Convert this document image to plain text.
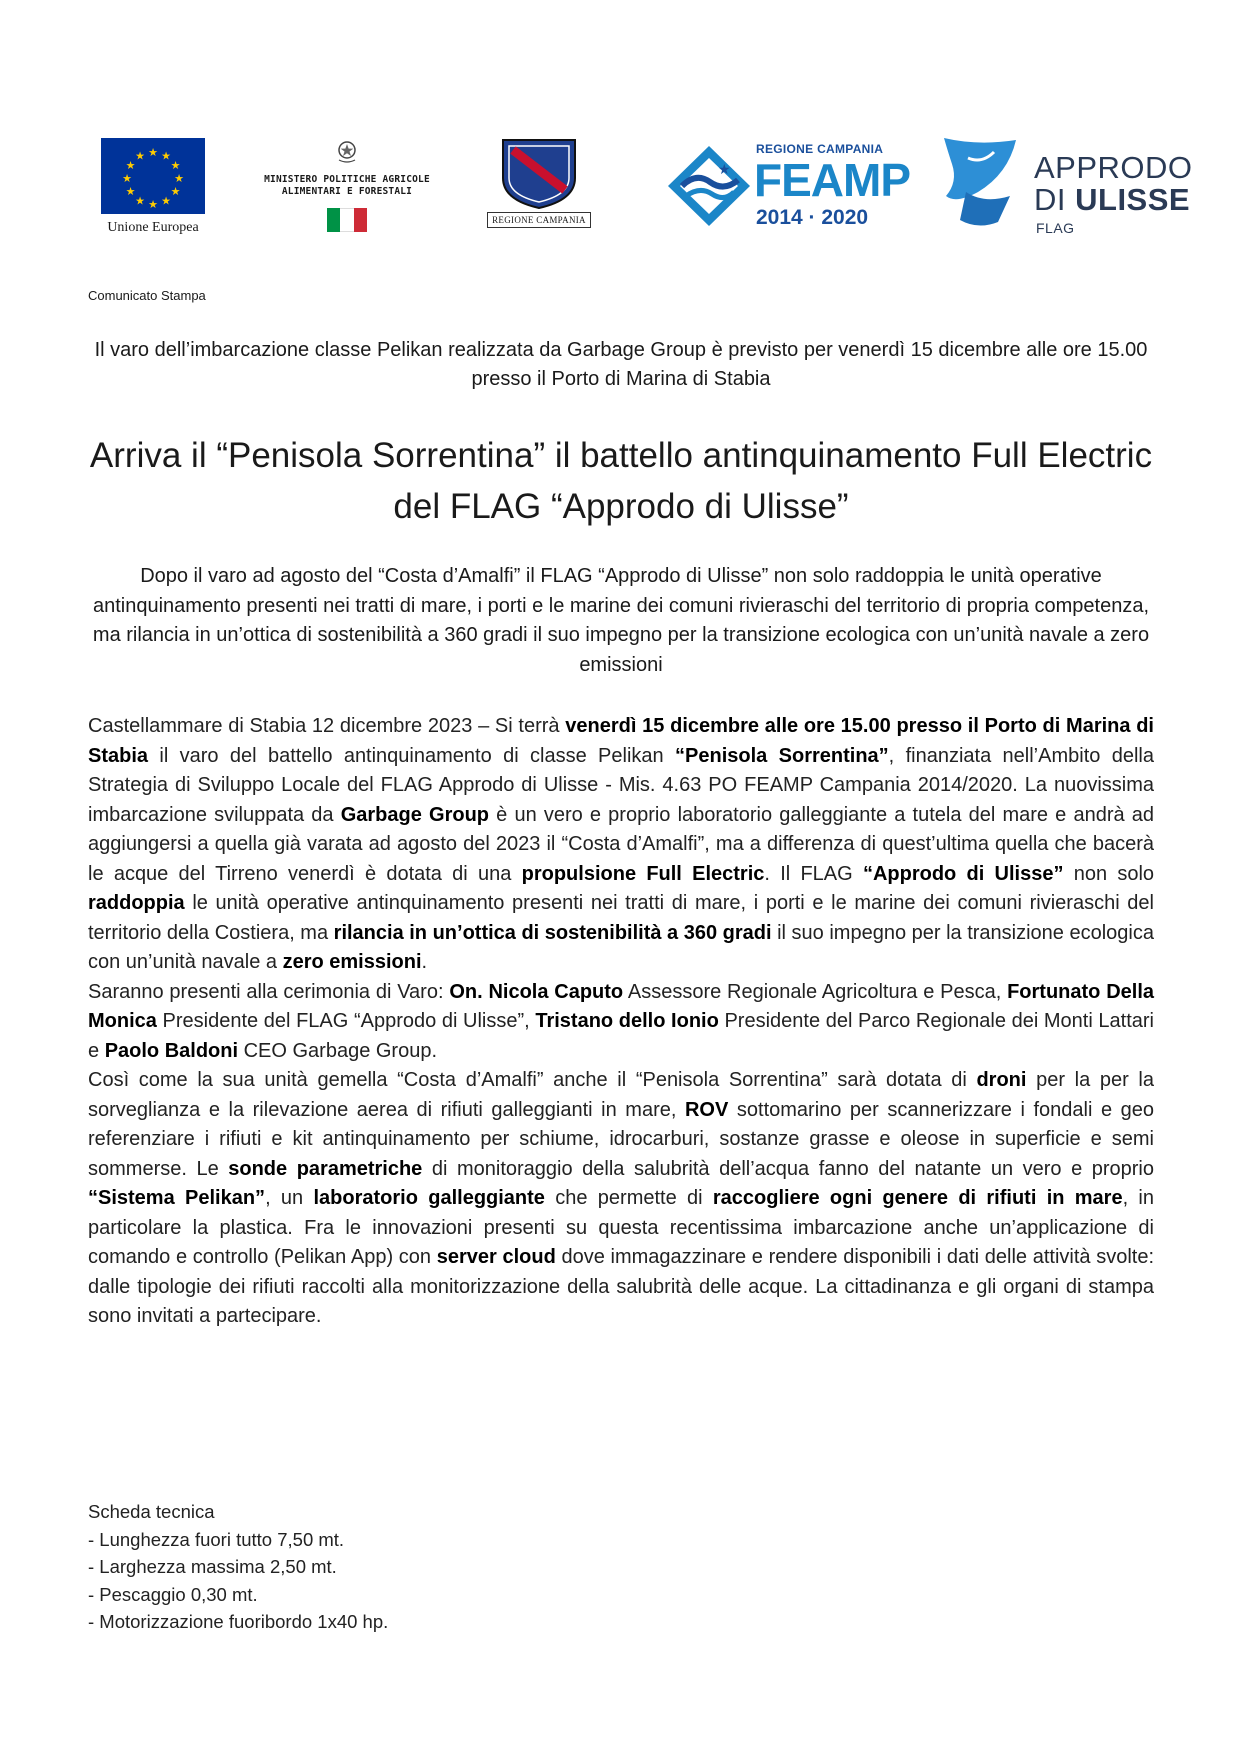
★ ★
★
★
★
★
★
★
★
★
★
★
Unione Europea
MINISTERO POLITICHE AGRICOLE
ALIMENTARI E FORESTALI
REGIONE CAMPANIA
★
REGIONE CAMPANIA
FEAMP
2014 · 2020
APPRODO
DI ULISSE
FLAG
Comunicato Stampa
Il varo dell’imbarcazione classe Pelikan realizzata da Garbage Group è previsto per venerdì 15 dicembre alle ore 15.00 presso il Porto di Marina di Stabia
Arriva il “Penisola Sorrentina” il battello antinquinamento Full Electric del FLAG “Approdo di Ulisse”
Dopo il varo ad agosto del “Costa d’Amalfi” il FLAG “Approdo di Ulisse” non solo raddoppia le unità operative antinquinamento presenti nei tratti di mare, i porti e le marine dei comuni rivieraschi del territorio di propria competenza, ma rilancia in un’ottica di sostenibilità a 360 gradi il suo impegno per la transizione ecologica con un’unità navale a zero emissioni

Castellammare di Stabia 12 dicembre 2023 – Si terrà venerdì 15 dicembre alle ore 15.00 presso il Porto di Marina di Stabia il varo del battello antinquinamento di classe Pelikan “Penisola Sorrentina”, finanziata nell’Ambito della Strategia di Sviluppo Locale del FLAG Approdo di Ulisse - Mis. 4.63 PO FEAMP Campania 2014/2020. La nuovissima imbarcazione sviluppata da Garbage Group è un vero e proprio laboratorio galleggiante a tutela del mare e andrà ad aggiungersi a quella già varata ad agosto del 2023 il “Costa d’Amalfi”, ma a differenza di quest’ultima quella che bacerà le acque del Tirreno venerdì è dotata di una propulsione Full Electric. Il FLAG “Approdo di Ulisse” non solo raddoppia le unità operative antinquinamento presenti nei tratti di mare, i porti e le marine dei comuni rivieraschi del territorio della Costiera, ma rilancia in un’ottica di sostenibilità a 360 gradi il suo impegno per la transizione ecologica con un’unità navale a zero emissioni.

Saranno presenti alla cerimonia di Varo: On. Nicola Caputo Assessore Regionale Agricoltura e Pesca, Fortunato Della Monica Presidente del FLAG “Approdo di Ulisse”, Tristano dello Ionio Presidente del Parco Regionale dei Monti Lattari e Paolo Baldoni CEO Garbage Group.

Così come la sua unità gemella “Costa d’Amalfi” anche il “Penisola Sorrentina” sarà dotata di droni per la per la sorveglianza e la rilevazione aerea di rifiuti galleggianti in mare, ROV sottomarino per scannerizzare i fondali e geo referenziare i rifiuti e kit antinquinamento per schiume, idrocarburi, sostanze grasse e oleose in superficie e semi sommerse. Le sonde parametriche di monitoraggio della salubrità dell’acqua fanno del natante un vero e proprio “Sistema Pelikan”, un laboratorio galleggiante che permette di raccogliere ogni genere di rifiuti in mare, in particolare la plastica. Fra le innovazioni presenti su questa recentissima imbarcazione anche un’applicazione di comando e controllo (Pelikan App) con server cloud dove immagazzinare e rendere disponibili i dati delle attività svolte: dalle tipologie dei rifiuti raccolti alla monitorizzazione della salubrità delle acque. La cittadinanza e gli organi di stampa sono invitati a partecipare.

Scheda tecnica
- Lunghezza fuori tutto 7,50 mt.
- Larghezza massima 2,50 mt.
- Pescaggio 0,30 mt.
- Motorizzazione fuoribordo 1x40 hp.
